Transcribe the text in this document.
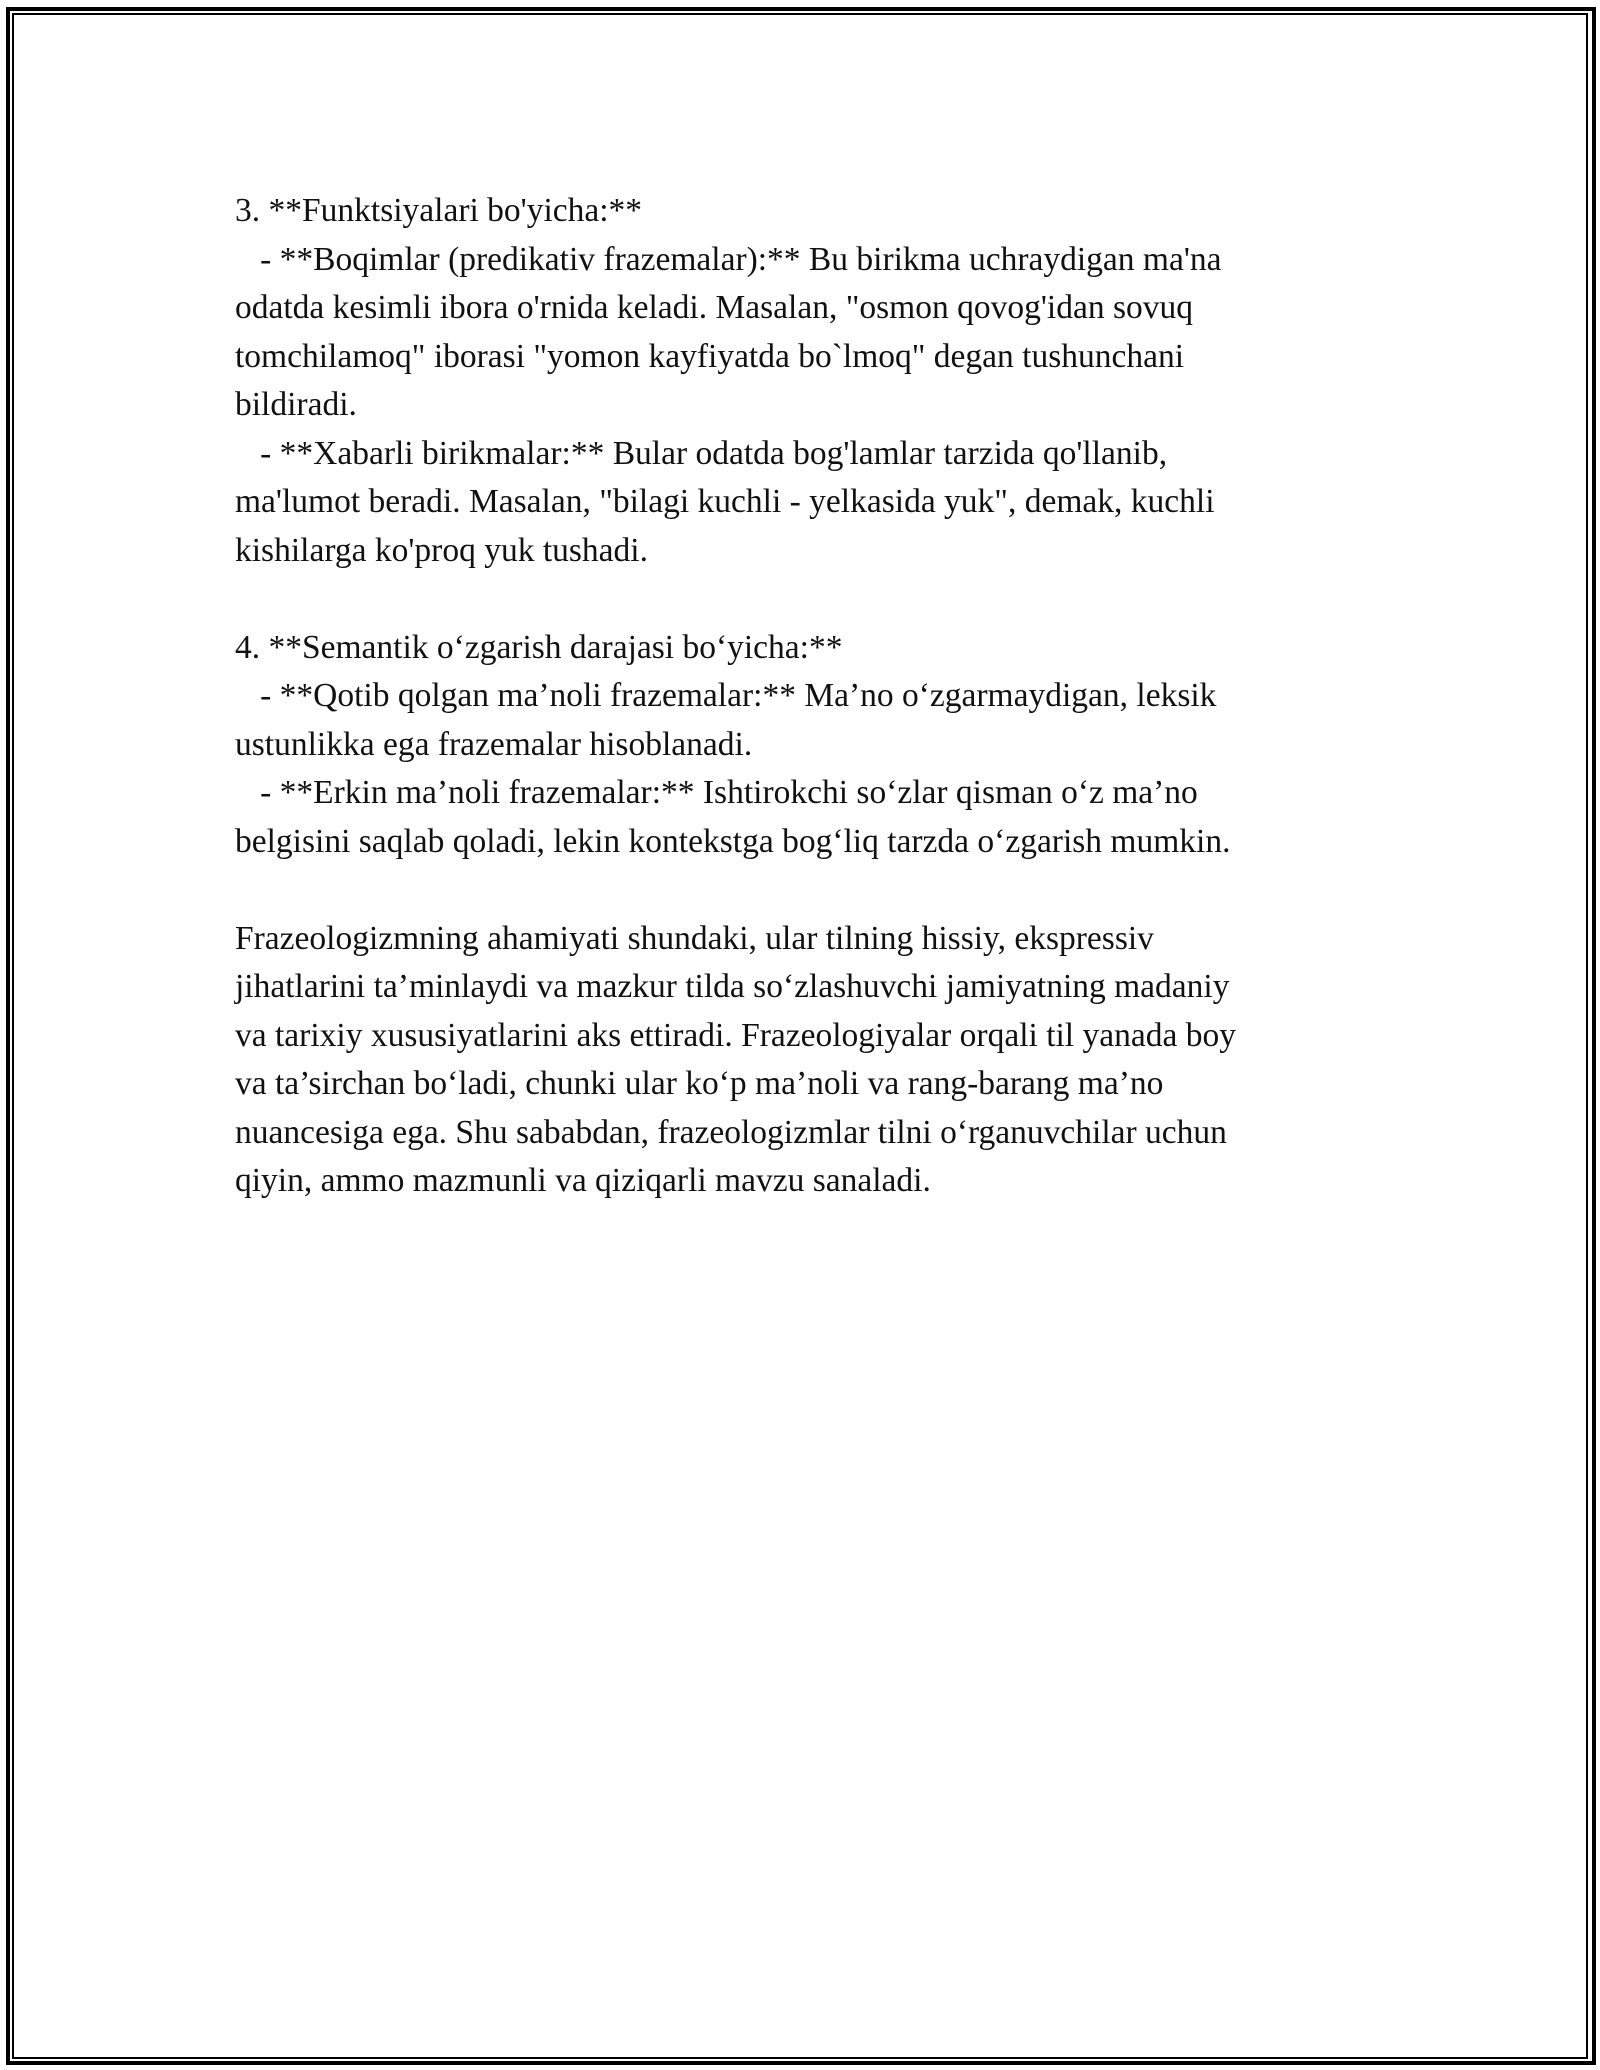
3. **Funktsiyalari bo'yicha:**
- **Boqimlar (predikativ frazemalar):** Bu birikma uchraydigan ma'na
odatda kesimli ibora o'rnida keladi. Masalan, "osmon qovog'idan sovuq
tomchilamoq" iborasi "yomon kayfiyatda bo`lmoq" degan tushunchani
bildiradi.
- **Xabarli birikmalar:** Bular odatda bog'lamlar tarzida qo'llanib,
ma'lumot beradi. Masalan, "bilagi kuchli - yelkasida yuk", demak, kuchli
kishilarga ko'proq yuk tushadi.
4. **Semantik o‘zgarish darajasi bo‘yicha:**
- **Qotib qolgan ma’noli frazemalar:** Ma’no o‘zgarmaydigan, leksik
ustunlikka ega frazemalar hisoblanadi.
- **Erkin ma’noli frazemalar:** Ishtirokchi so‘zlar qisman o‘z ma’no
belgisini saqlab qoladi, lekin kontekstga bog‘liq tarzda o‘zgarish mumkin.
Frazeologizmning ahamiyati shundaki, ular tilning hissiy, ekspressiv
jihatlarini ta’minlaydi va mazkur tilda so‘zlashuvchi jamiyatning madaniy
va tarixiy xususiyatlarini aks ettiradi. Frazeologiyalar orqali til yanada boy
va ta’sirchan bo‘ladi, chunki ular ko‘p ma’noli va rang-barang ma’no
nuancesiga ega. Shu sababdan, frazeologizmlar tilni o‘rganuvchilar uchun
qiyin, ammo mazmunli va qiziqarli mavzu sanaladi.
